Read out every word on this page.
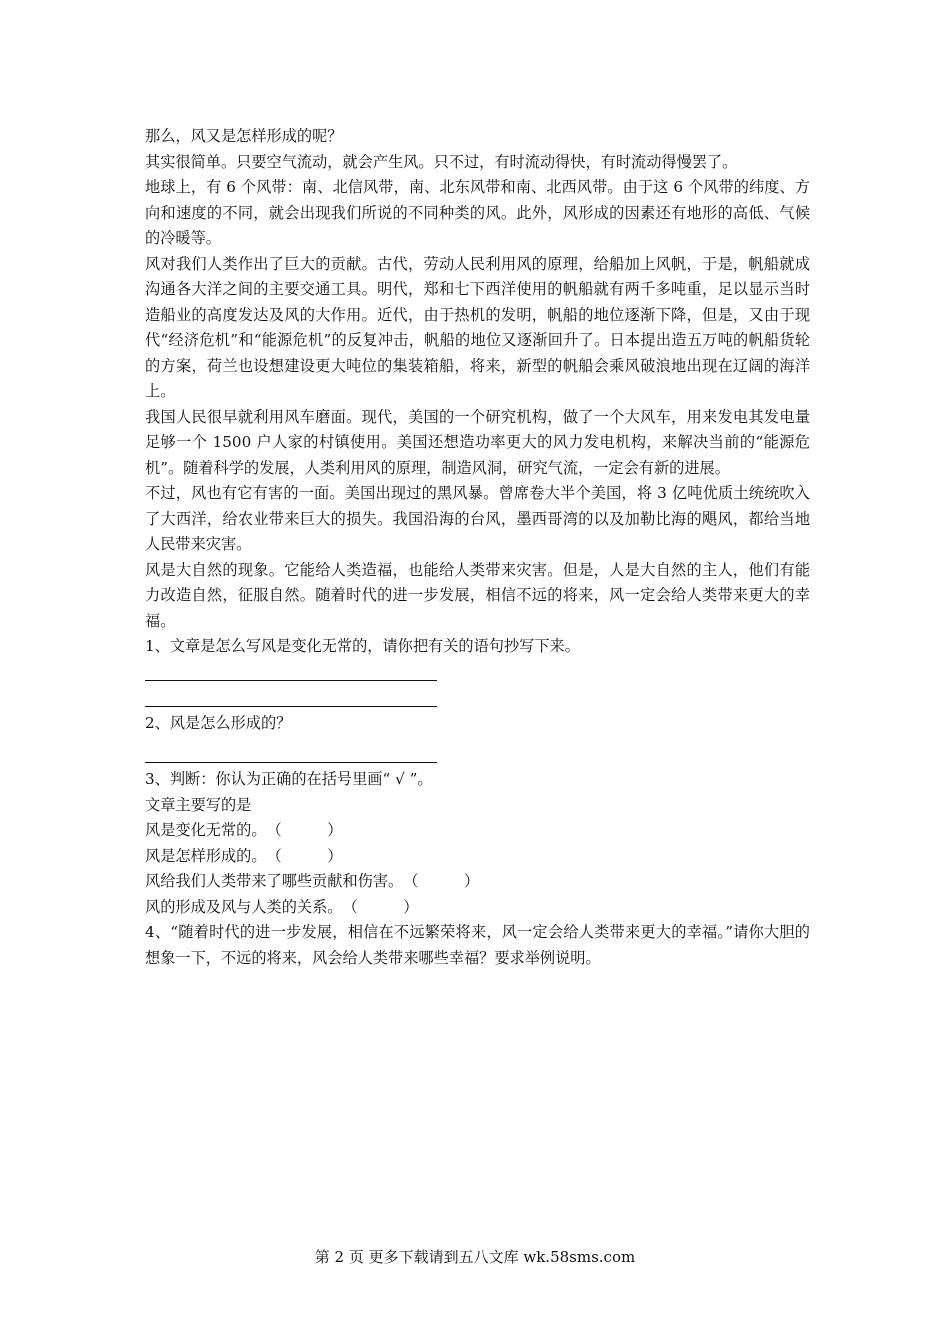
那么，风又是怎样形成的呢？

其实很简单。只要空气流动，就会产生风。只不过，有时流动得快，有时流动得慢罢了。

地球上，有 6 个风带：南、北信风带，南、北东风带和南、北西风带。由于这 6 个风带的纬度、方向和速度的不同，就会出现我们所说的不同种类的风。此外，风形成的因素还有地形的高低、气候的冷暖等。

风对我们人类作出了巨大的贡献。古代，劳动人民利用风的原理，给船加上风帆，于是，帆船就成沟通各大洋之间的主要交通工具。明代，郑和七下西洋使用的帆船就有两千多吨重，足以显示当时造船业的高度发达及风的大作用。近代，由于热机的发明，帆船的地位逐渐下降，但是，又由于现代“经济危机”和“能源危机”的反复冲击，帆船的地位又逐渐回升了。日本提出造五万吨的帆船货轮的方案，荷兰也设想建设更大吨位的集装箱船，将来，新型的帆船会乘风破浪地出现在辽阔的海洋上。

我国人民很早就利用风车磨面。现代，美国的一个研究机构，做了一个大风车，用来发电其发电量足够一个 1500 户人家的村镇使用。美国还想造功率更大的风力发电机构，来解决当前的“能源危机”。随着科学的发展，人类利用风的原理，制造风洞，研究气流，一定会有新的进展。

不过，风也有它有害的一面。美国出现过的黑风暴。曾席卷大半个美国，将 3 亿吨优质土统统吹入了大西洋，给农业带来巨大的损失。我国沿海的台风，墨西哥湾的以及加勒比海的飓风，都给当地人民带来灾害。

风是大自然的现象。它能给人类造福，也能给人类带来灾害。但是，人是大自然的主人，他们有能力改造自然，征服自然。随着时代的进一步发展，相信不远的将来，风一定会给人类带来更大的幸福。

1、文章是怎么写风是变化无常的，请你把有关的语句抄写下来。

2、风是怎么形成的？

3、判断：你认为正确的在括号里画“ √ ”。

文章主要写的是

风是变化无常的。（　　　）
风是怎样形成的。（　　　）
风给我们人类带来了哪些贡献和伤害。（　　　）
风的形成及风与人类的关系。（　　　）

4、“随着时代的进一步发展，相信在不远繁荣将来，风一定会给人类带来更大的幸福。”请你大胆的想象一下，不远的将来，风会给人类带来哪些幸福？要求举例说明。

第 2 页 更多下载请到五八文库 wk.58sms.com
